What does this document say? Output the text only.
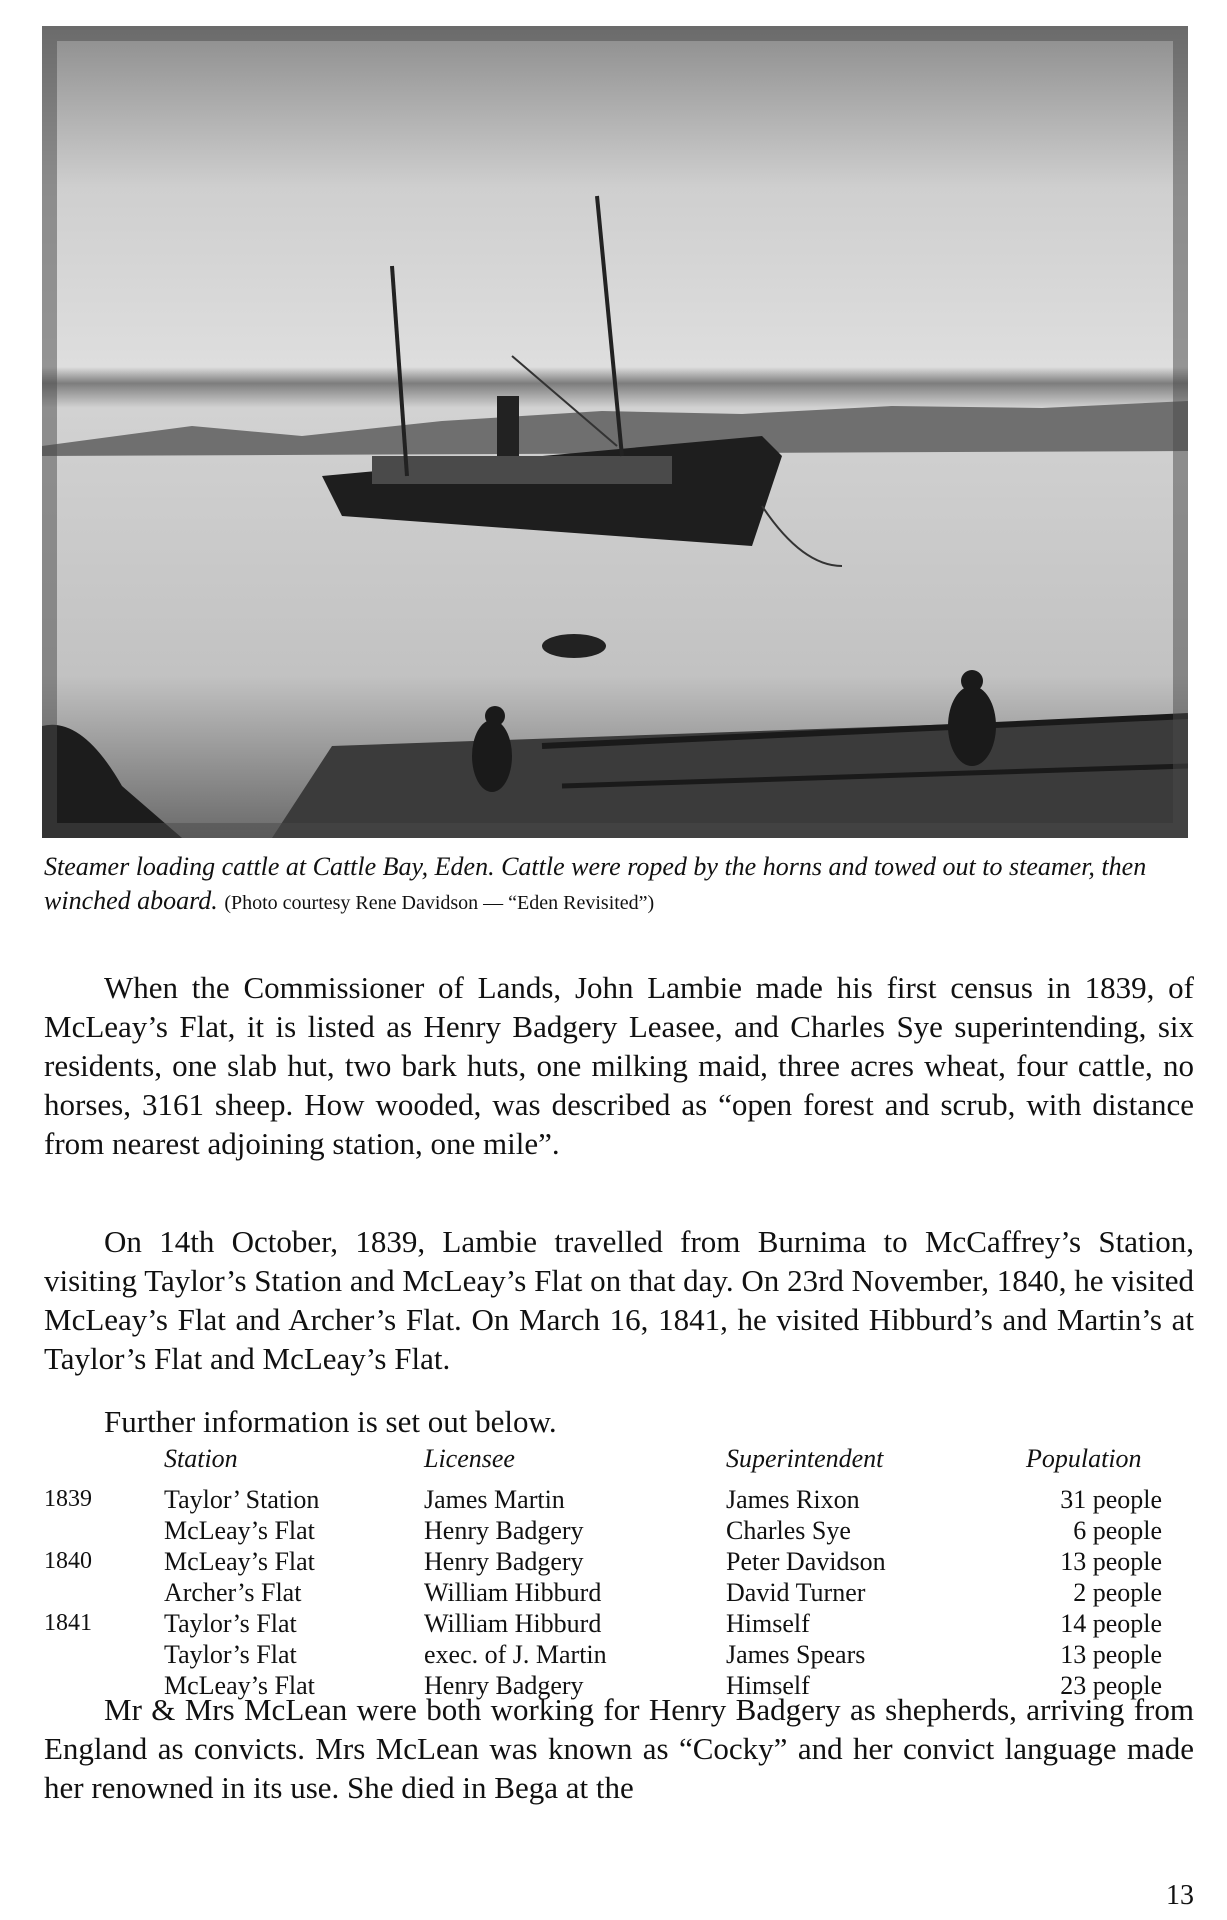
Steamer loading cattle at Cattle Bay, Eden. Cattle were roped by the horns and towed out to steamer, then winched aboard. (Photo courtesy Rene Davidson — “Eden Revisited”)

When the Commissioner of Lands, John Lambie made his first census in 1839, of McLeay’s Flat, it is listed as Henry Badgery Leasee, and Charles Sye superintending, six residents, one slab hut, two bark huts, one milking maid, three acres wheat, four cattle, no horses, 3161 sheep. How wooded, was described as “open forest and scrub, with distance from nearest adjoining station, one mile”.

On 14th October, 1839, Lambie travelled from Burnima to McCaffrey’s Station, visiting Taylor’s Station and McLeay’s Flat on that day. On 23rd November, 1840, he visited McLeay’s Flat and Archer’s Flat. On March 16, 1841, he visited Hibburd’s and Martin’s at Taylor’s Flat and McLeay’s Flat.

Further information is set out below.

	Station	Licensee	Superintendent	Population
1839	Taylor’ Station	James Martin	James Rixon	31 people
	McLeay’s Flat	Henry Badgery	Charles Sye	6 people
1840	McLeay’s Flat	Henry Badgery	Peter Davidson	13 people
	Archer’s Flat	William Hibburd	David Turner	2 people
1841	Taylor’s Flat	William Hibburd	Himself	14 people
	Taylor’s Flat	exec. of J. Martin	James Spears	13 people
	McLeay’s Flat	Henry Badgery	Himself	23 people

Mr & Mrs McLean were both working for Henry Badgery as shepherds, arriving from England as convicts. Mrs McLean was known as “Cocky” and her convict language made her renowned in its use. She died in Bega at the

13
